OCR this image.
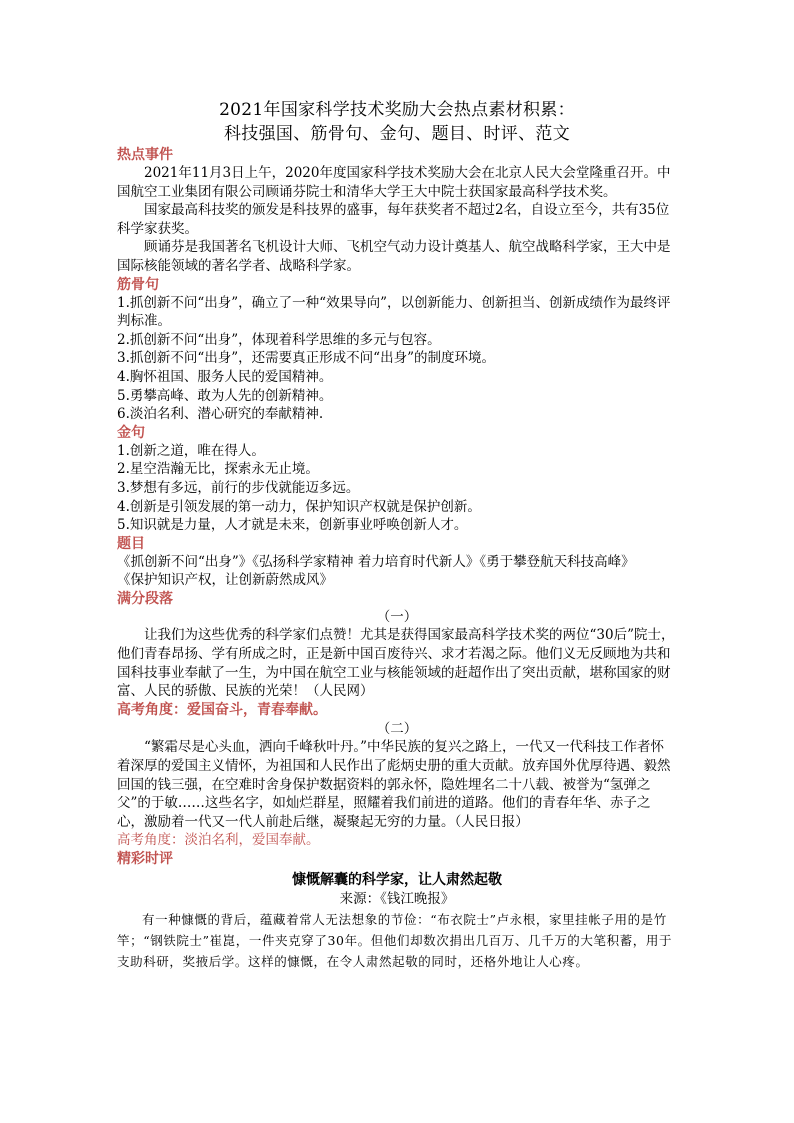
2021年国家科学技术奖励大会热点素材积累：
科技强国、筋骨句、金句、题目、时评、范文
热点事件

2021年11月3日上午，2020年度国家科学技术奖励大会在北京人民大会堂隆重召开。中国航空工业集团有限公司顾诵芬院士和清华大学王大中院士获国家最高科学技术奖。

国家最高科技奖的颁发是科技界的盛事，每年获奖者不超过2名，自设立至今，共有35位科学家获奖。

顾诵芬是我国著名飞机设计大师、飞机空气动力设计奠基人、航空战略科学家，王大中是国际核能领域的著名学者、战略科学家。

筋骨句

1.抓创新不问“出身”，确立了一种“效果导向”，以创新能力、创新担当、创新成绩作为最终评判标准。

2.抓创新不问“出身”，体现着科学思维的多元与包容。

3.抓创新不问“出身”，还需要真正形成不问“出身”的制度环境。

4.胸怀祖国、服务人民的爱国精神。

5.勇攀高峰、敢为人先的创新精神。

6.淡泊名利、潜心研究的奉献精神.

金句

1.创新之道，唯在得人。

2.星空浩瀚无比，探索永无止境。

3.梦想有多远，前行的步伐就能迈多远。

4.创新是引领发展的第一动力，保护知识产权就是保护创新。

5.知识就是力量，人才就是未来，创新事业呼唤创新人才。

题目

《抓创新不问“出身”》《弘扬科学家精神 着力培育时代新人》《勇于攀登航天科技高峰》

《保护知识产权，让创新蔚然成风》

满分段落

（一）

让我们为这些优秀的科学家们点赞！尤其是获得国家最高科学技术奖的两位“30后”院士，他们青春昂扬、学有所成之时，正是新中国百废待兴、求才若渴之际。他们义无反顾地为共和国科技事业奉献了一生，为中国在航空工业与核能领域的赶超作出了突出贡献，堪称国家的财富、人民的骄傲、民族的光荣！（人民网）

高考角度：爱国奋斗，青春奉献。

（二）

“繁霜尽是心头血，洒向千峰秋叶丹。”中华民族的复兴之路上，一代又一代科技工作者怀着深厚的爱国主义情怀，为祖国和人民作出了彪炳史册的重大贡献。放弃国外优厚待遇、毅然回国的钱三强，在空难时舍身保护数据资料的郭永怀，隐姓埋名二十八载、被誉为“氢弹之父”的于敏……这些名字，如灿烂群星，照耀着我们前进的道路。他们的青春年华、赤子之心，激励着一代又一代人前赴后继，凝聚起无穷的力量。（人民日报）

高考角度：淡泊名利，爱国奉献。
精彩时评
慷慨解囊的科学家，让人肃然起敬
来源：《钱江晚报》

有一种慷慨的背后，蕴藏着常人无法想象的节俭：“布衣院士”卢永根，家里挂帐子用的是竹竿；“钢铁院士”崔崑，一件夹克穿了30年。但他们却数次捐出几百万、几千万的大笔积蓄，用于支助科研，奖掖后学。这样的慷慨，在令人肃然起敬的同时，还格外地让人心疼。
